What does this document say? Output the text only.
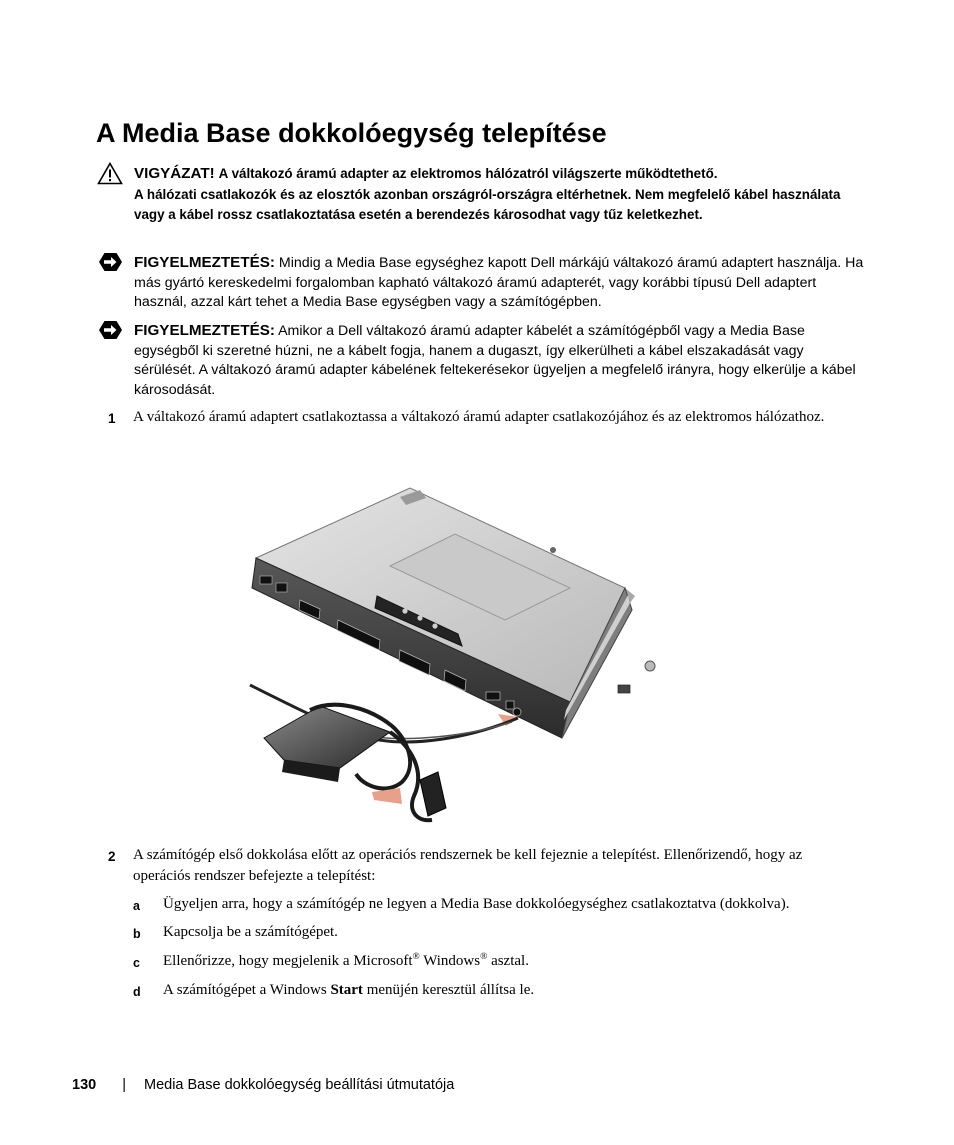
A Media Base dokkolóegység telepítése
VIGYÁZAT! A váltakozó áramú adapter az elektromos hálózatról világszerte működtethető.
A hálózati csatlakozók és az elosztók azonban országról-országra eltérhetnek. Nem megfelelő kábel használata vagy a kábel rossz csatlakoztatása esetén a berendezés károsodhat vagy tűz keletkezhet.
FIGYELMEZTETÉS: Mindig a Media Base egységhez kapott Dell márkájú váltakozó áramú adaptert használja. Ha más gyártó kereskedelmi forgalomban kapható váltakozó áramú adapterét, vagy korábbi típusú Dell adaptert használ, azzal kárt tehet a Media Base egységben vagy a számítógépben.
FIGYELMEZTETÉS: Amikor a Dell váltakozó áramú adapter kábelét a számítógépből vagy a Media Base egységből ki szeretné húzni, ne a kábelt fogja, hanem a dugaszt, így elkerülheti a kábel elszakadását vagy sérülését. A váltakozó áramú adapter kábelének feltekerésekor ügyeljen a megfelelő irányra, hogy elkerülje a kábel károsodását.
1 A váltakozó áramú adaptert csatlakoztassa a váltakozó áramú adapter csatlakozójához és az elektromos hálózathoz.
2 A számítógép első dokkolása előtt az operációs rendszernek be kell fejeznie a telepítést. Ellenőrizendő, hogy az operációs rendszer befejezte a telepítést:
a Ügyeljen arra, hogy a számítógép ne legyen a Media Base dokkolóegységhez csatlakoztatva (dokkolva).
b Kapcsolja be a számítógépet.
c Ellenőrizze, hogy megjelenik a Microsoft® Windows® asztal.
d A számítógépet a Windows Start menüjén keresztül állítsa le.
130 | Media Base dokkolóegység beállítási útmutatója
